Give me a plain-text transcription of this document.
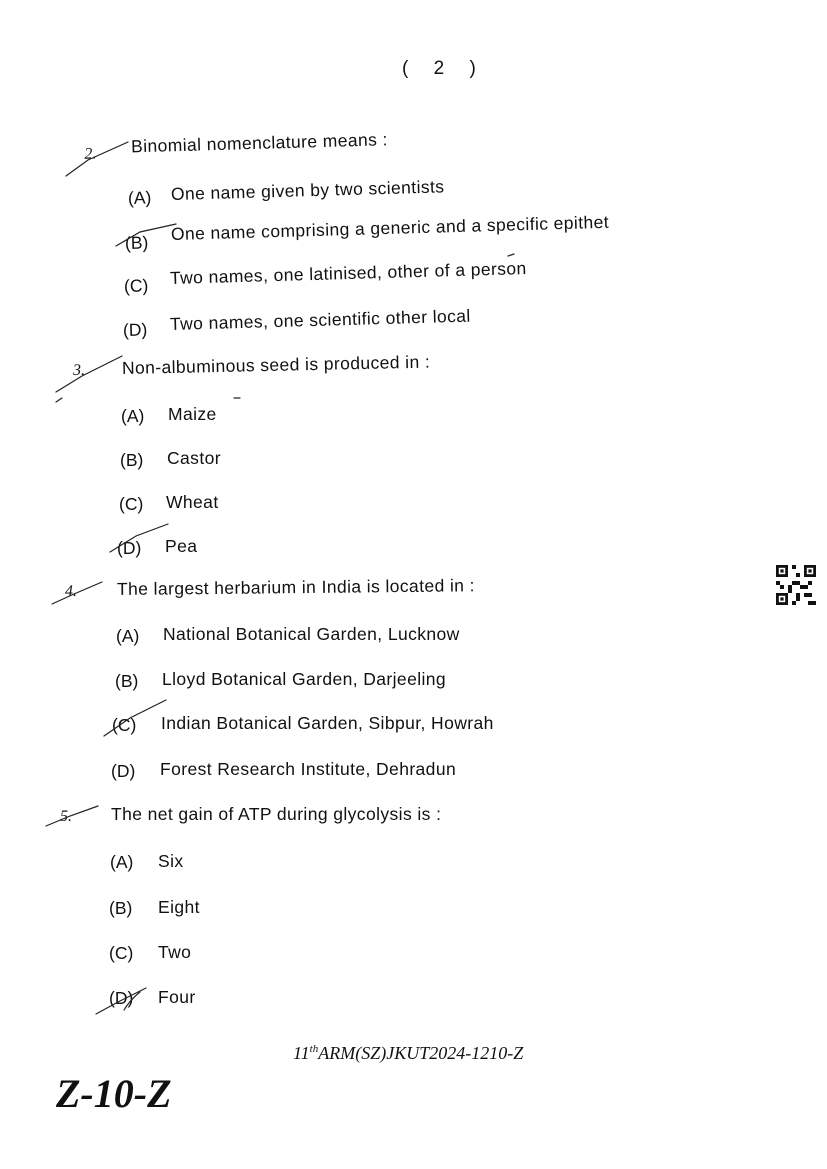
( 2 )
2. Binomial nomenclature means :
(A) One name given by two scientists
(B) One name comprising a generic and a specific epithet
(C) Two names, one latinised, other of a person
(D) Two names, one scientific other local
3. Non-albuminous seed is produced in :
(A) Maize
(B) Castor
(C) Wheat
(D) Pea
4. The largest herbarium in India is located in :
(A) National Botanical Garden, Lucknow
(B) Lloyd Botanical Garden, Darjeeling
(C) Indian Botanical Garden, Sibpur, Howrah
(D) Forest Research Institute, Dehradun
5. The net gain of ATP during glycolysis is :
(A) Six
(B) Eight
(C) Two
(D) Four
11thARM(SZ)JKUT2024-1210-Z
Z-10-Z
